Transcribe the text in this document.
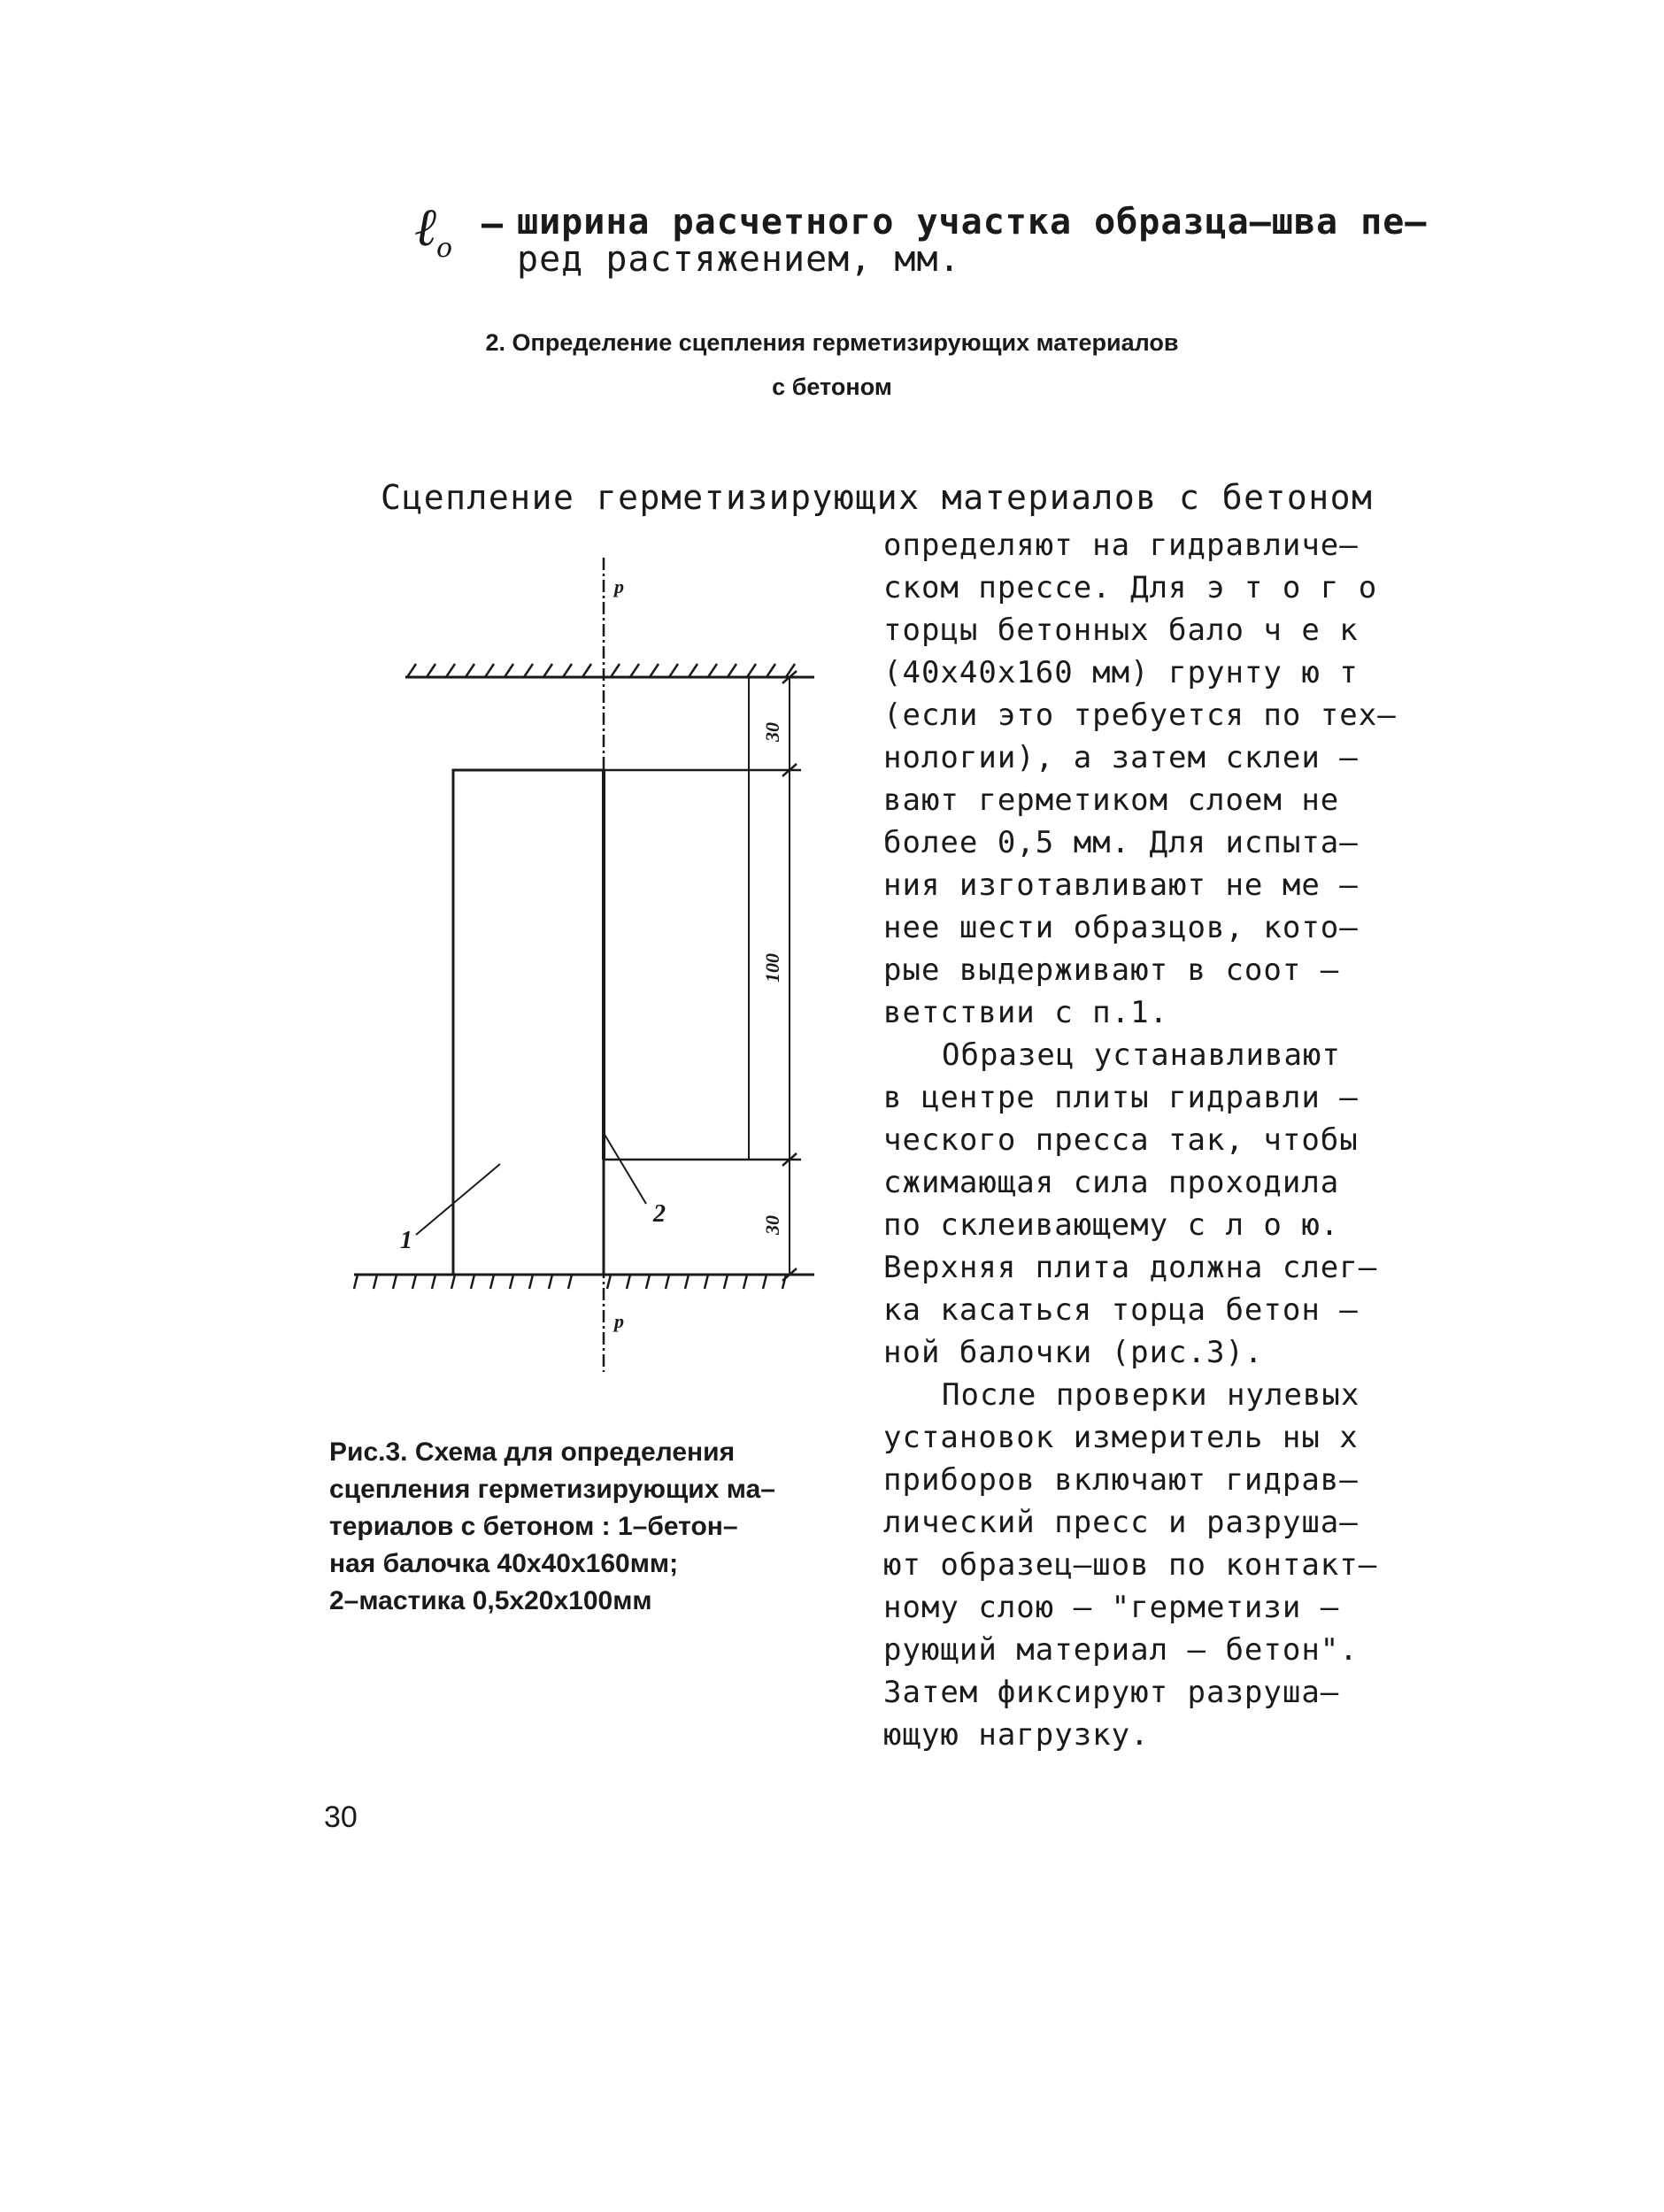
ℓ$_o$
– ширина расчетного участка образца–шва пе–
ред растяжением, мм.
2. Определение сцепления герметизирующих материалов
с бетоном
Сцепление герметизирующих материалов с бетоном
определяют на гидравличе–
ском прессе. Для э т о г о
торцы бетонных бало ч е к
(40х40х160 мм) грунту ю т
(если это требуется по тех–
нологии), а затем склеи –
вают герметиком слоем не
более 0,5 мм. Для испыта–
ния изготавливают не ме –
нее шести образцов, кото–
рые выдерживают в соот –
ветствии с п.1.
Образец устанавливают
в центре плиты гидравли –
ческого пресса так, чтобы
сжимающая сила проходила
по склеивающему с л о ю.
Верхняя плита должна слег–
ка касаться торца бетон –
ной балочки (рис.3).
После проверки нулевых
установок измеритель ны х
приборов включают гидрав–
лический пресс и разруша–
ют образец–шов по контакт–
ному слою – "герметизи –
рующий материал – бетон".
Затем фиксируют разруша–
ющую нагрузку.
p
p
1
2
30
100
30
Рис.3. Схема для определения
сцепления герметизирующих ма–
териалов с бетоном : 1–бетон–
ная балочка 40х40х160мм;
2–мастика 0,5х20х100мм
30
